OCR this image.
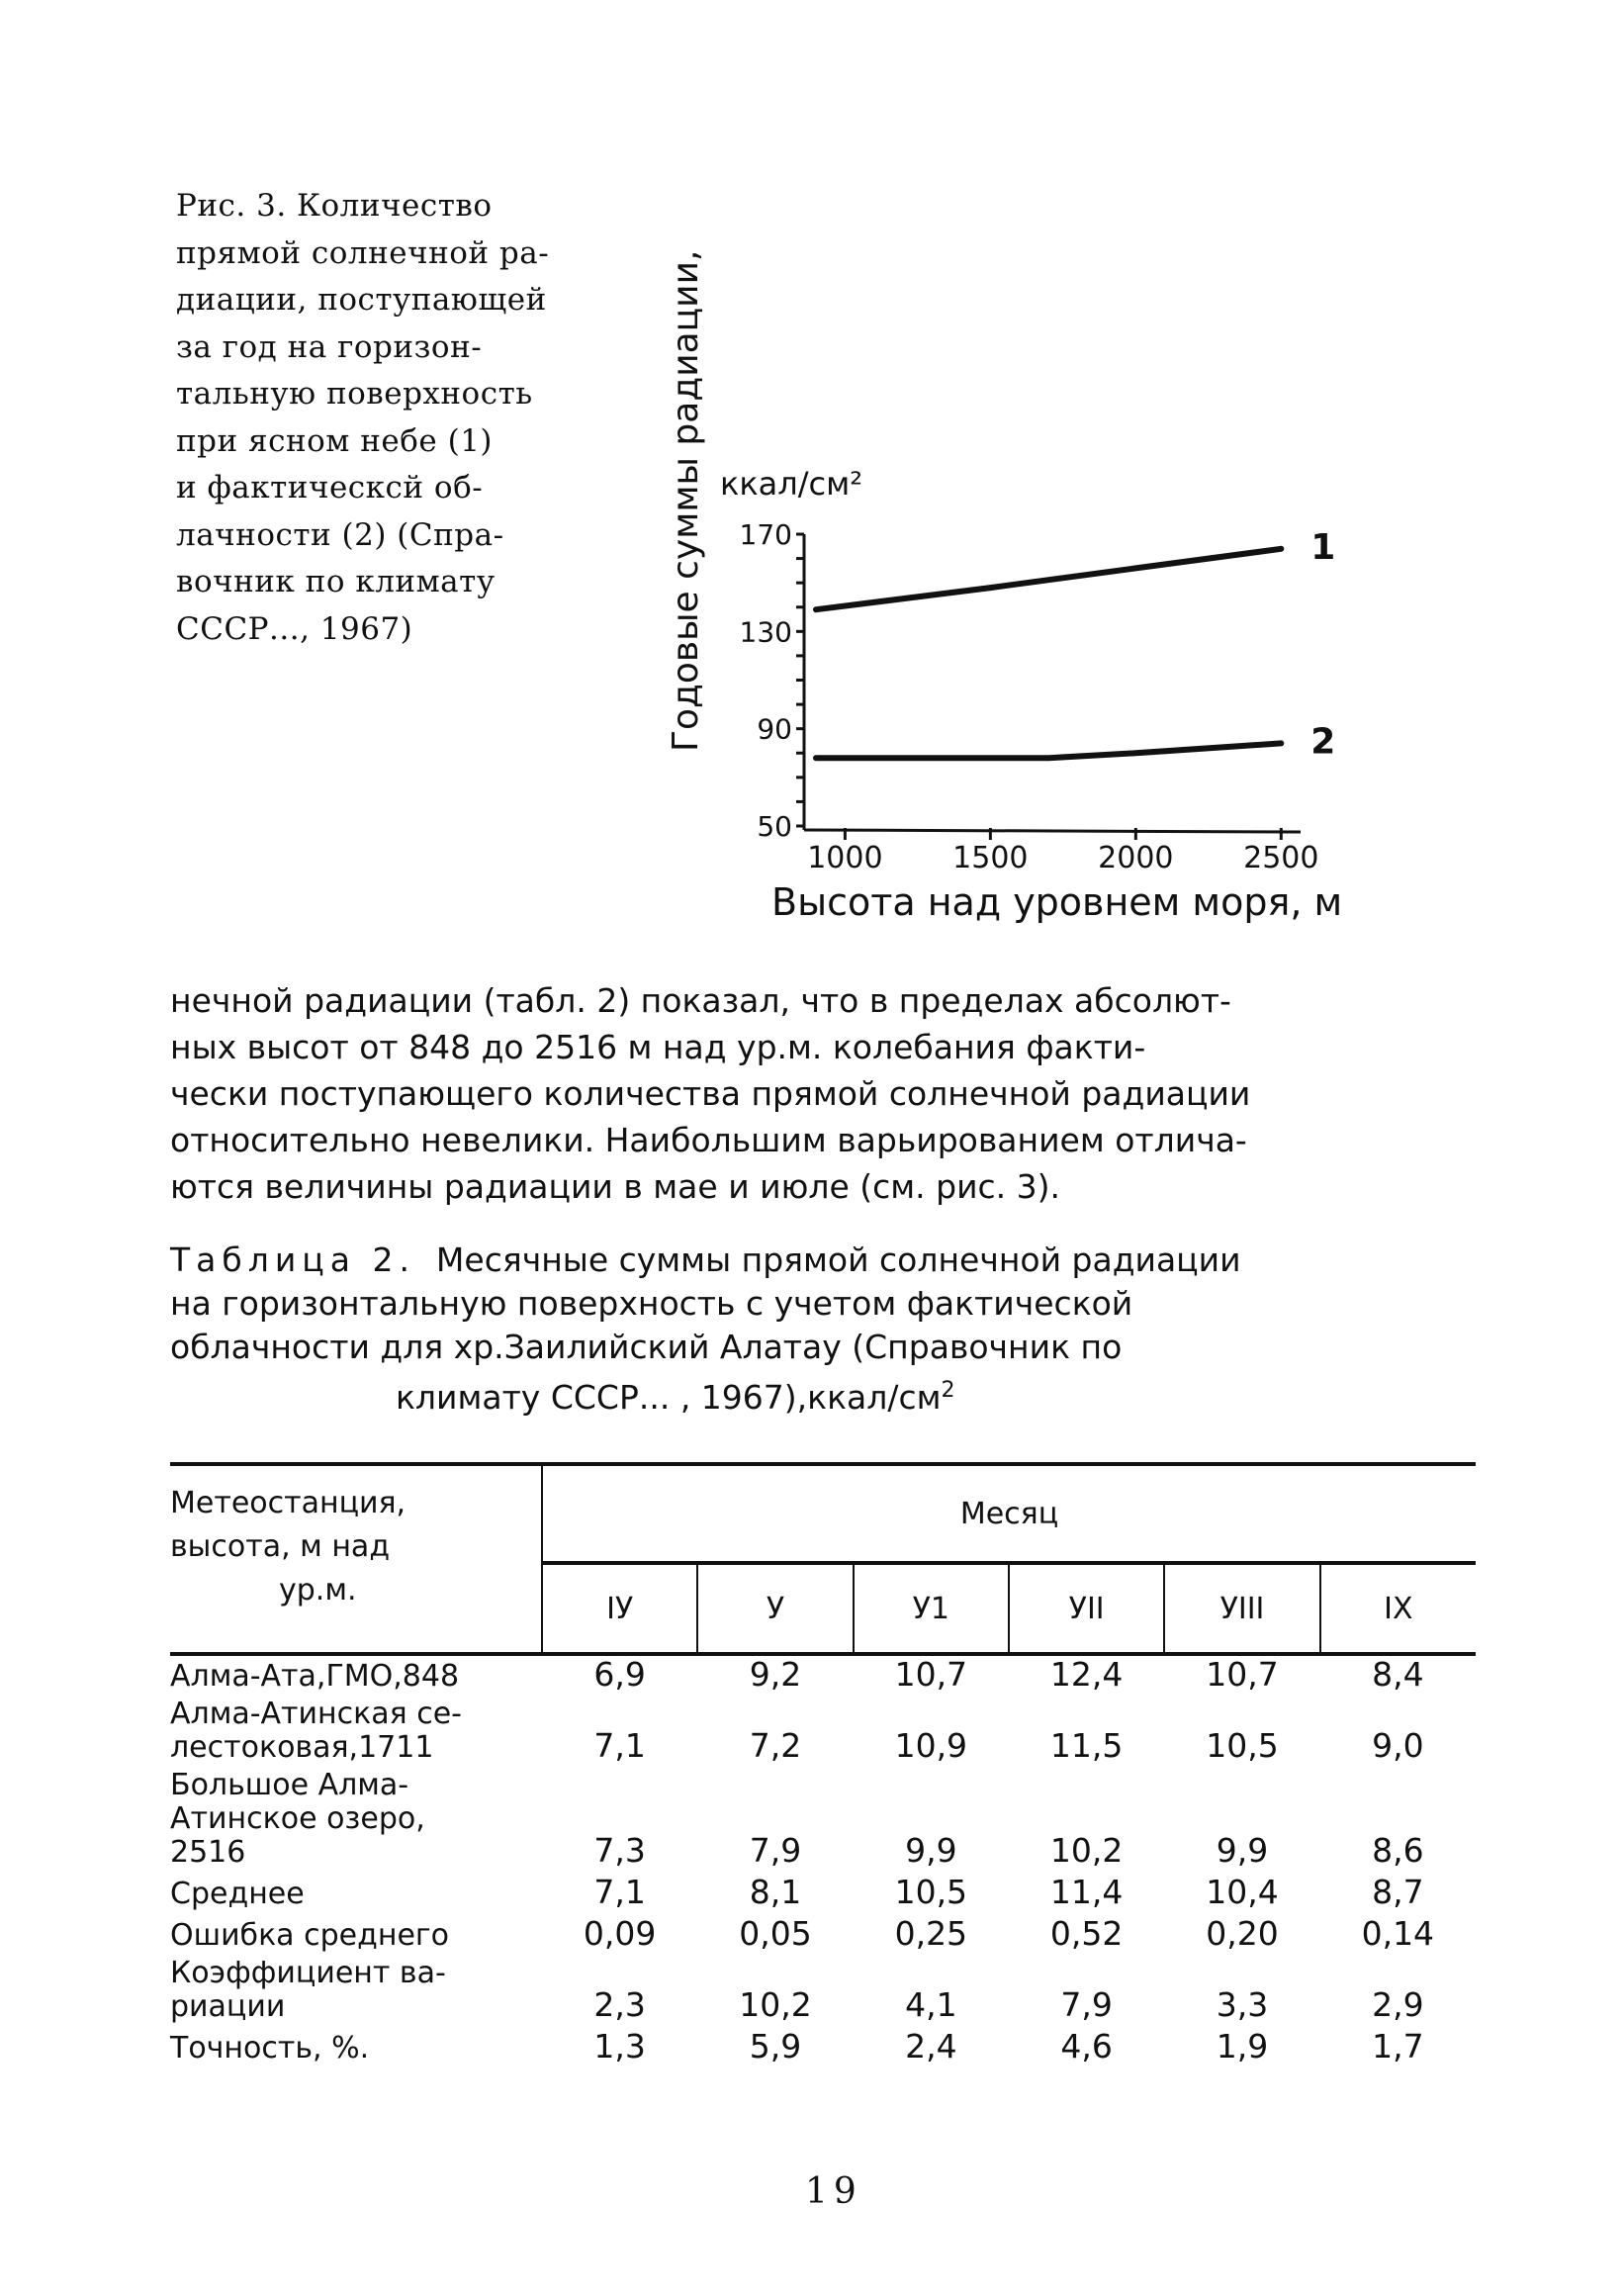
Рис. 3. Количество
прямой солнечной ра-
диации, поступающей
за год на горизон-
тальную поверхность
при ясном небе (1)
и фактическсй об-
лачности (2) (Спра-
вочник по климату
СССР..., 1967)	Годовые суммы радиации, ккал/см²
Высота над уровнем моря, м
50
90
130
170
1000 1500 2000 2500
1
2
нечной радиации (табл. 2) показал, что в пределах абсолют-
ных высот от 848 до 2516 м над ур.м. колебания факти-
чески поступающего количества прямой солнечной радиации
относительно невелики. Наибольшим варьированием отлича-
ются величины радиации в мае и июле (см. рис. 3).
Таблица 2. Месячные суммы прямой солнечной радиации
на горизонтальную поверхность с учетом фактической
облачности для хр.Заилийский Алатау (Справочник по
климату СССР... , $1967),ккал/см^2$
Метеостанция,
высота, м над
ур.м.	Месяц					
	IУ	У	У1	УII	УIII	IX

Алма-Ата,ГМО,848	6,9	9,2	10,7	12,4	10,7	8,4

Алма-Атинская се-
лестоковая,1711	7,1	7,2	10,9	11,5	10,5	9,0

Большое Алма-
Атинское озеро,
2516	7,3	7,9	9,9	10,2	9,9	8,6

Среднее	7,1	8,1	10,5	11,4	10,4	8,7

Ошибка среднего	0,09	0,05	0,25	0,52	0,20	0,14

Коэффициент ва-
риации	2,3	10,2	4,1	7,9	3,3	2,9

Точность, %.	1,3	5,9	2,4	4,6	1,9	1,7
19
